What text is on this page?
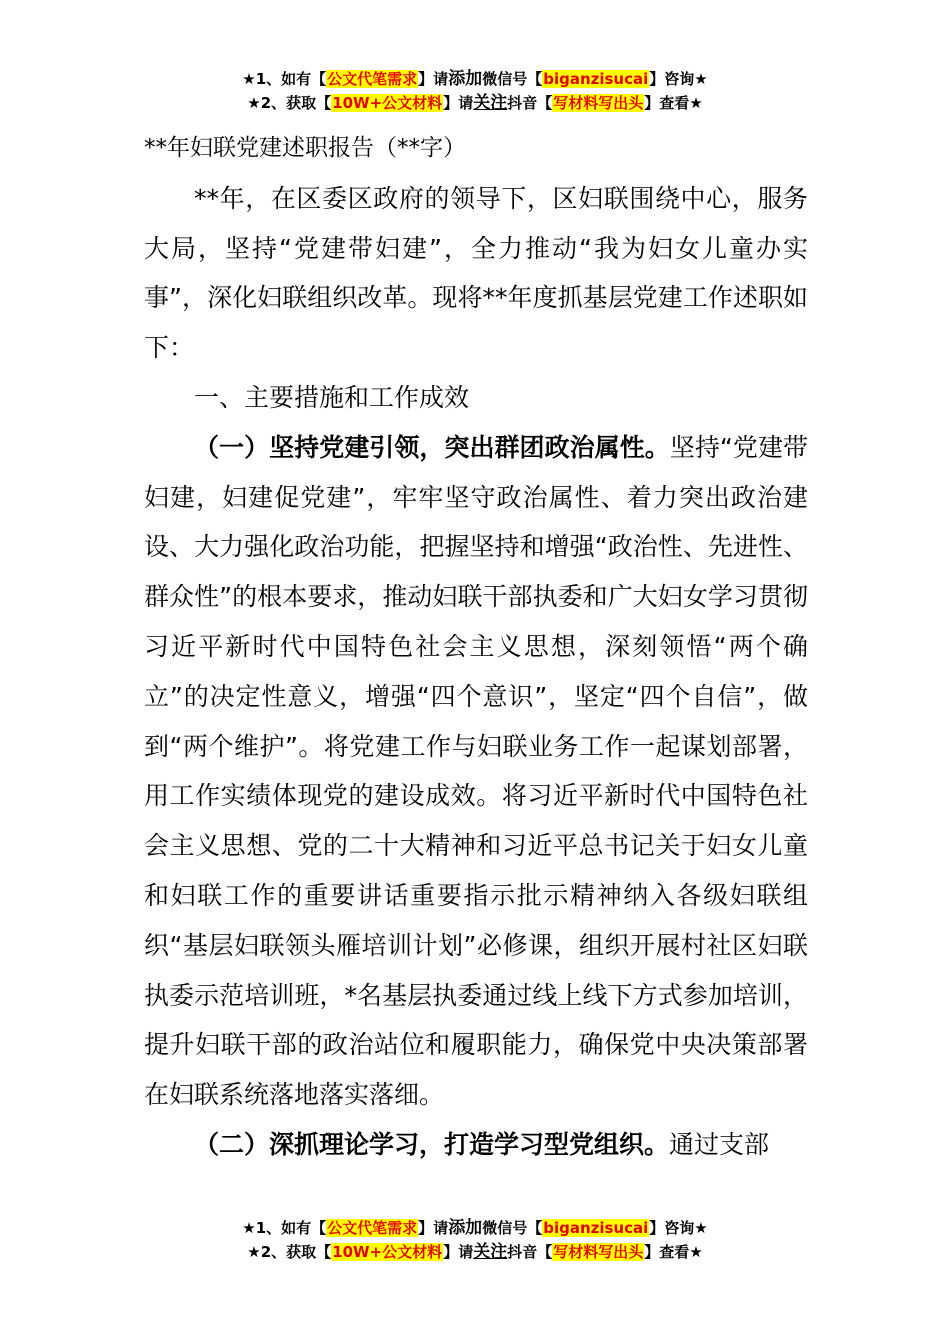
★1、如有【公文代笔需求】请添加微信号【biganzisucai】咨询★
★2、获取【10W+公文材料】请关注抖音【写材料写出头】查看★

**年妇联党建述职报告（**字）

**年，在区委区政府的领导下，区妇联围绕中心，服务大局，坚持“党建带妇建”，全力推动“我为妇女儿童办实事”，深化妇联组织改革。现将**年度抓基层党建工作述职如下：

一、主要措施和工作成效

（一）坚持党建引领，突出群团政治属性。坚持“党建带妇建，妇建促党建”，牢牢坚守政治属性、着力突出政治建设、大力强化政治功能，把握坚持和增强“政治性、先进性、群众性”的根本要求，推动妇联干部执委和广大妇女学习贯彻习近平新时代中国特色社会主义思想，深刻领悟“两个确立”的决定性意义，增强“四个意识”，坚定“四个自信”，做到“两个维护”。将党建工作与妇联业务工作一起谋划部署，用工作实绩体现党的建设成效。将习近平新时代中国特色社会主义思想、党的二十大精神和习近平总书记关于妇女儿童和妇联工作的重要讲话重要指示批示精神纳入各级妇联组织“基层妇联领头雁培训计划”必修课，组织开展村社区妇联执委示范培训班，*名基层执委通过线上线下方式参加培训，提升妇联干部的政治站位和履职能力，确保党中央决策部署在妇联系统落地落实落细。

（二）深抓理论学习，打造学习型党组织。通过支部

★1、如有【公文代笔需求】请添加微信号【biganzisucai】咨询★
★2、获取【10W+公文材料】请关注抖音【写材料写出头】查看★
